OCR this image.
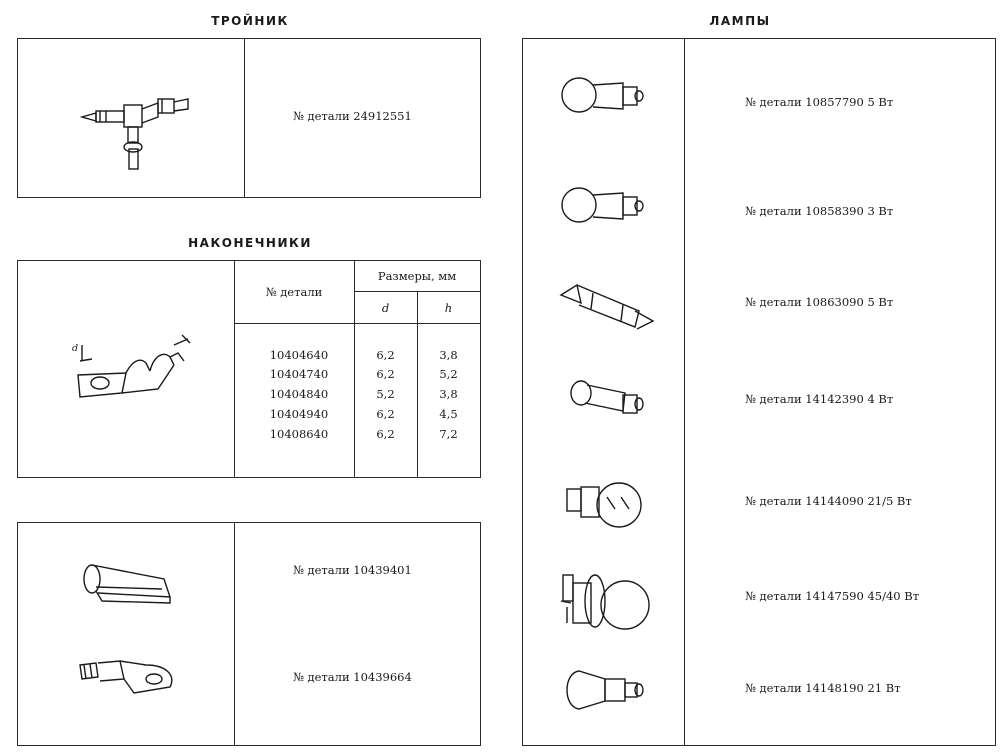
ТРОЙНИК
№ детали 24912551
НАКОНЕЧНИКИ
d
№ детали
Размеры, мм
d	h
10404640	6,2	3,8
10404740	6,2	5,2
10404840	5,2	3,8
10404940	6,2	4,5
10408640	6,2	7,2
№ детали 10439401
№ детали 10439664
ЛАМПЫ
№ детали 10857790 5 Вт
№ детали 10858390 3 Вт
№ детали 10863090 5 Вт
№ детали 14142390 4 Вт
№ детали 14144090 21/5 Вт
№ детали 14147590 45/40 Вт
№ детали 14148190 21 Вт
